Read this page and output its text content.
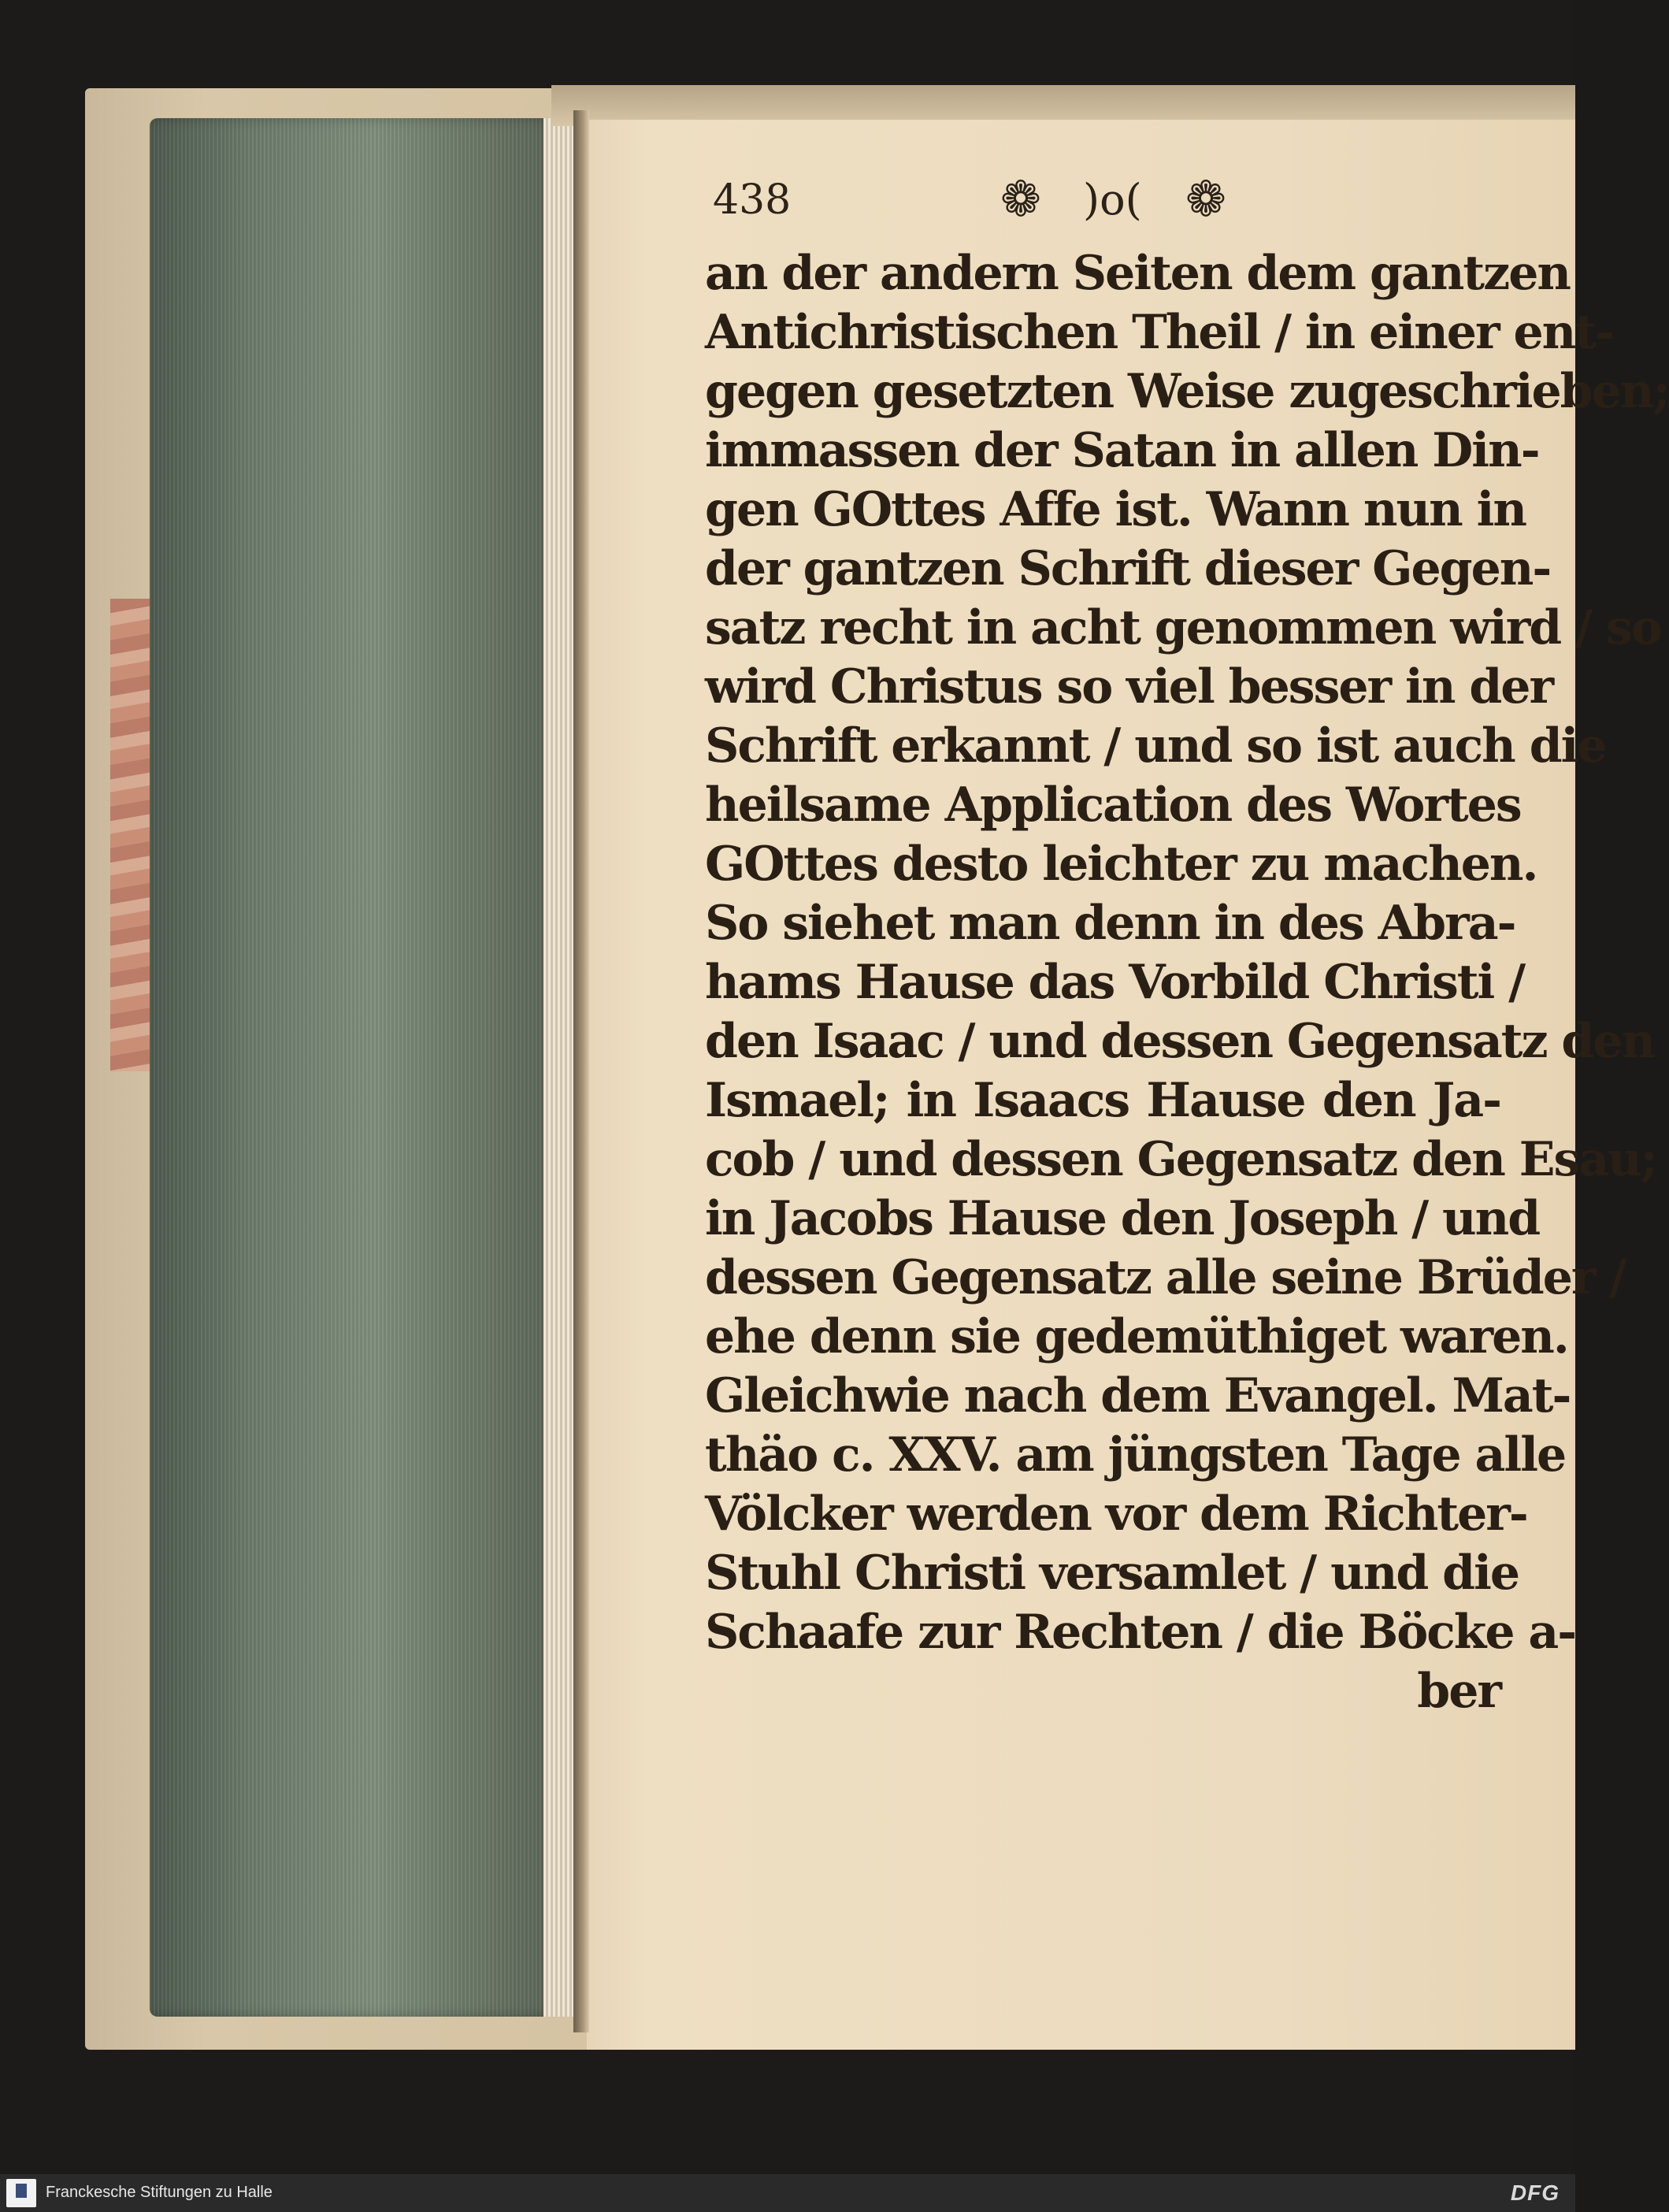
438	❁ )o( ❁
an der andern Seiten dem gantzen
Antichristischen Theil / in einer ent-
gegen gesetzten Weise zugeschrieben;
immassen der Satan in allen Din-
gen GOttes Affe ist. Wann nun in
der gantzen Schrift dieser Gegen-
satz recht in acht genommen wird / so
wird Christus so viel besser in der
Schrift erkannt / und so ist auch die
heilsame Application des Wortes
GOttes desto leichter zu machen.
So siehet man denn in des Abra-
hams Hause das Vorbild Christi /
den Isaac / und dessen Gegensatz den
Ismael; in Isaacs Hause den Ja-
cob / und dessen Gegensatz den Esau;
in Jacobs Hause den Joseph / und
dessen Gegensatz alle seine Brüder /
ehe denn sie gedemüthiget waren.
Gleichwie nach dem Evangel. Mat-
thäo c. XXV. am jüngsten Tage alle
Völcker werden vor dem Richter-
Stuhl Christi versamlet / und die
Schaafe zur Rechten / die Böcke a-
ber
Franckesche Stiftungen zu Halle	DFG
